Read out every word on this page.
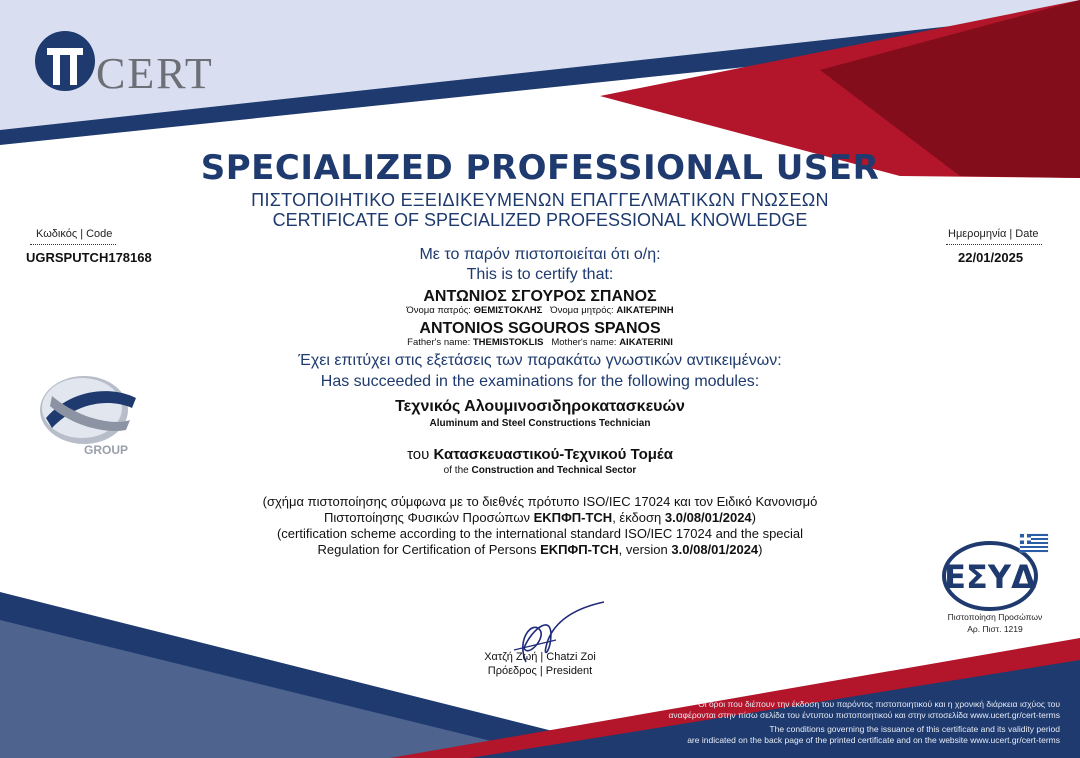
CERT
SPECIALIZED PROFESSIONAL USER
ΠΙΣΤΟΠΟΙΗΤΙΚΟ ΕΞΕΙΔΙΚΕΥΜΕΝΩΝ ΕΠΑΓΓΕΛΜΑΤΙΚΩΝ ΓΝΩΣΕΩΝ
CERTIFICATE OF SPECIALIZED PROFESSIONAL KNOWLEDGE
Κωδικός | Code
UGRSPUTCH178168
Ημερομηνία | Date
22/01/2025
Με το παρόν πιστοποιείται ότι ο/η:
This is to certify that:
ΑΝΤΩΝΙΟΣ ΣΓΟΥΡΟΣ ΣΠΑΝΟΣ
Όνομα πατρός: ΘΕΜΙΣΤΟΚΛΗΣ Όνομα μητρός: ΑΙΚΑΤΕΡΙΝΗ
ANTONIOS SGOUROS SPANOS
Father's name: THEMISTOKLIS Mother's name: AIKATERINI
Έχει επιτύχει στις εξετάσεις των παρακάτω γνωστικών αντικειμένων:
Has succeeded in the examinations for the following modules:
GROUP
Τεχνικός Αλουμινοσιδηροκατασκευών
Aluminum and Steel Constructions Technician
του Κατασκευαστικού-Τεχνικού Τομέα
of the Construction and Technical Sector
(σχήμα πιστοποίησης σύμφωνα με το διεθνές πρότυπο ISO/IEC 17024 και τον Ειδικό Κανονισμό
Πιστοποίησης Φυσικών Προσώπων ΕΚΠΦΠ-TCH, έκδοση 3.0/08/01/2024)
(certification scheme according to the international standard ISO/IEC 17024 and the special
Regulation for Certification of Persons ΕΚΠΦΠ-TCH, version 3.0/08/01/2024)
ΕΣΥΔ
Πιστοποίηση Προσώπων
Αρ. Πιστ. 1219
Χατζή Ζωή | Chatzi Zoi
Πρόεδρος | President
Οι όροι που διέπουν την έκδοση του παρόντος πιστοποιητικού και η χρονική διάρκεια ισχύος του
αναφέρονται στην πίσω σελίδα του έντυπου πιστοποιητικού και στην ιστοσελίδα www.ucert.gr/cert-terms
The conditions governing the issuance of this certificate and its validity period
are indicated on the back page of the printed certificate and on the website www.ucert.gr/cert-terms
